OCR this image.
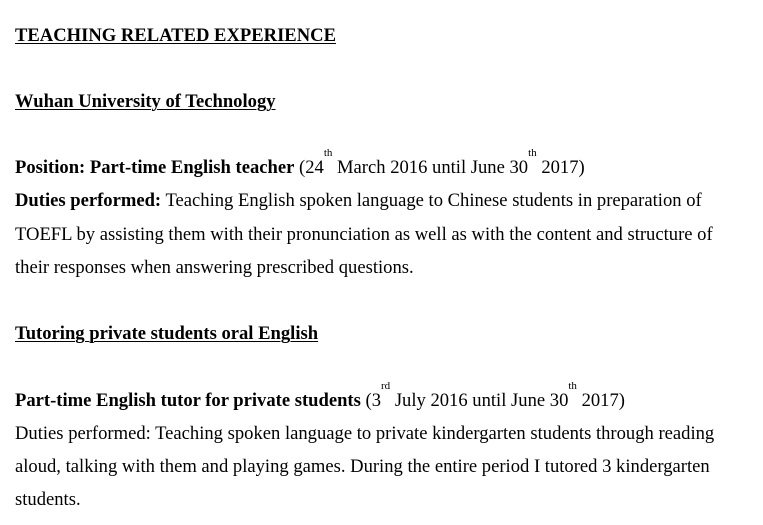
TEACHING RELATED EXPERIENCE
Wuhan University of Technology
Position: Part-time English teacher (24th March 2016 until June 30th 2017)
Duties performed: Teaching English spoken language to Chinese students in preparation of
TOEFL by assisting them with their pronunciation as well as with the content and structure of
their responses when answering prescribed questions.
Tutoring private students oral English
Part-time English tutor for private students (3rd July 2016 until June 30th 2017)
Duties performed: Teaching spoken language to private kindergarten students through reading
aloud, talking with them and playing games. During the entire period I tutored 3 kindergarten
students.
